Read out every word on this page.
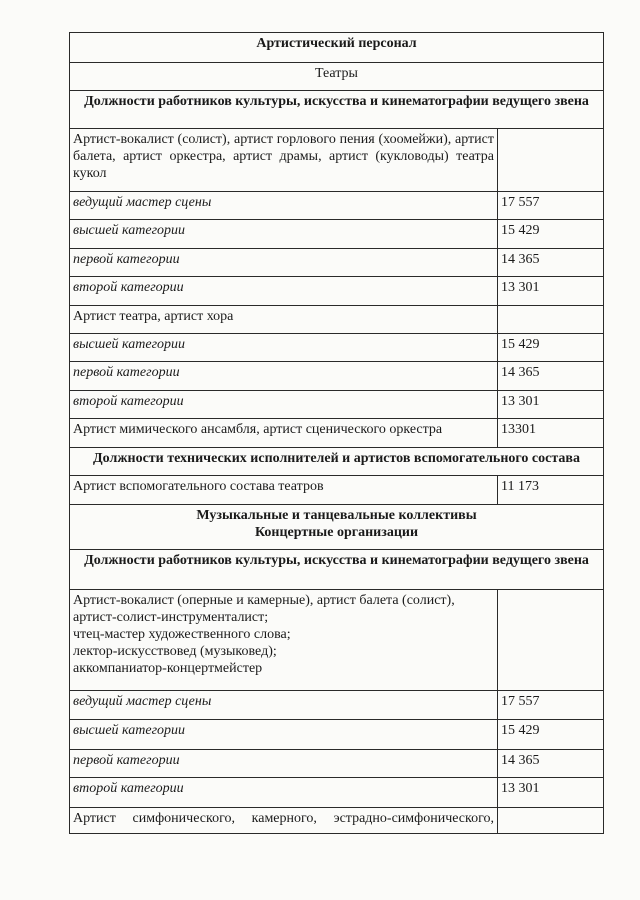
Артистический персонал	
Театры	
Должности работников культуры, искусства и кинематографии ведущего звена	
Артист-вокалист (солист), артист горлового пения (хоомейжи), артист балета, артист оркестра, артист драмы, артист (кукловоды) театра кукол	
ведущий мастер сцены	17 557
высшей категории	15 429
первой категории	14 365
второй категории	13 301
Артист театра, артист хора	
высшей категории	15 429
первой категории	14 365
второй категории	13 301
Артист мимического ансамбля, артист сценического оркестра	13301
Должности технических исполнителей и артистов вспомогательного состава	
Артист вспомогательного состава театров	11 173
Музыкальные и танцевальные коллективы
Концертные организации	
Должности работников культуры, искусства и кинематографии ведущего звена	
Артист-вокалист (оперные и камерные), артист балета (солист),
артист-солист-инструменталист;
чтец-мастер художественного слова;
лектор-искусствовед (музыковед);
аккомпаниатор-концертмейстер	
ведущий мастер сцены	17 557
высшей категории	15 429
первой категории	14 365
второй категории	13 301
Артист симфонического, камерного, эстрадно-симфонического,	
